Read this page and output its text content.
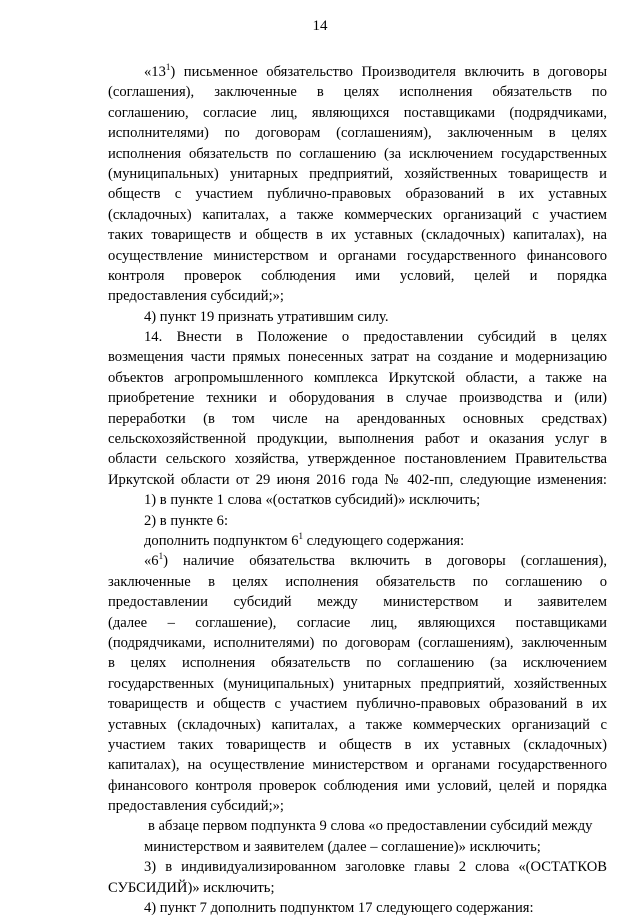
14
«$13^1$) письменное обязательство Производителя включить в договоры
(соглашения), заключенные в целях исполнения обязательств по
соглашению, согласие лиц, являющихся поставщиками (подрядчиками,
исполнителями) по договорам (соглашениям), заключенным в целях
исполнения обязательств по соглашению (за исключением государственных
(муниципальных) унитарных предприятий, хозяйственных товариществ и
обществ с участием публично-правовых образований в их уставных
(складочных) капиталах, а также коммерческих организаций с участием
таких товариществ и обществ в их уставных (складочных) капиталах), на
осуществление министерством и органами государственного финансового
контроля проверок соблюдения ими условий, целей и порядка
предоставления субсидий;»;
4) пункт 19 признать утратившим силу.
14. Внести в Положение о предоставлении субсидий в целях
возмещения части прямых понесенных затрат на создание и модернизацию
объектов агропромышленного комплекса Иркутской области, а также на
приобретение техники и оборудования в случае производства и (или)
переработки (в том числе на арендованных основных средствах)
сельскохозяйственной продукции, выполнения работ и оказания услуг в
области сельского хозяйства, утвержденное постановлением Правительства
Иркутской области от 29 июня 2016 года № 402-пп, следующие изменения:
1) в пункте 1 слова «(остатков субсидий)» исключить;
2) в пункте 6:
дополнить подпунктом $6^1$ следующего содержания:
«$6^1$) наличие обязательства включить в договоры (соглашения),
заключенные в целях исполнения обязательств по соглашению о
предоставлении субсидий между министерством и заявителем
(далее – соглашение), согласие лиц, являющихся поставщиками
(подрядчиками, исполнителями) по договорам (соглашениям), заключенным
в целях исполнения обязательств по соглашению (за исключением
государственных (муниципальных) унитарных предприятий, хозяйственных
товариществ и обществ с участием публично-правовых образований в их
уставных (складочных) капиталах, а также коммерческих организаций с
участием таких товариществ и обществ в их уставных (складочных)
капиталах), на осуществление министерством и органами государственного
финансового контроля проверок соблюдения ими условий, целей и порядка
предоставления субсидий;»;
в абзаце первом подпункта 9 слова «о предоставлении субсидий между
министерством и заявителем (далее – соглашение)» исключить;
3) в индивидуализированном заголовке главы 2 слова «(ОСТАТКОВ
СУБСИДИЙ)» исключить;
4) пункт 7 дополнить подпунктом 17 следующего содержания:
